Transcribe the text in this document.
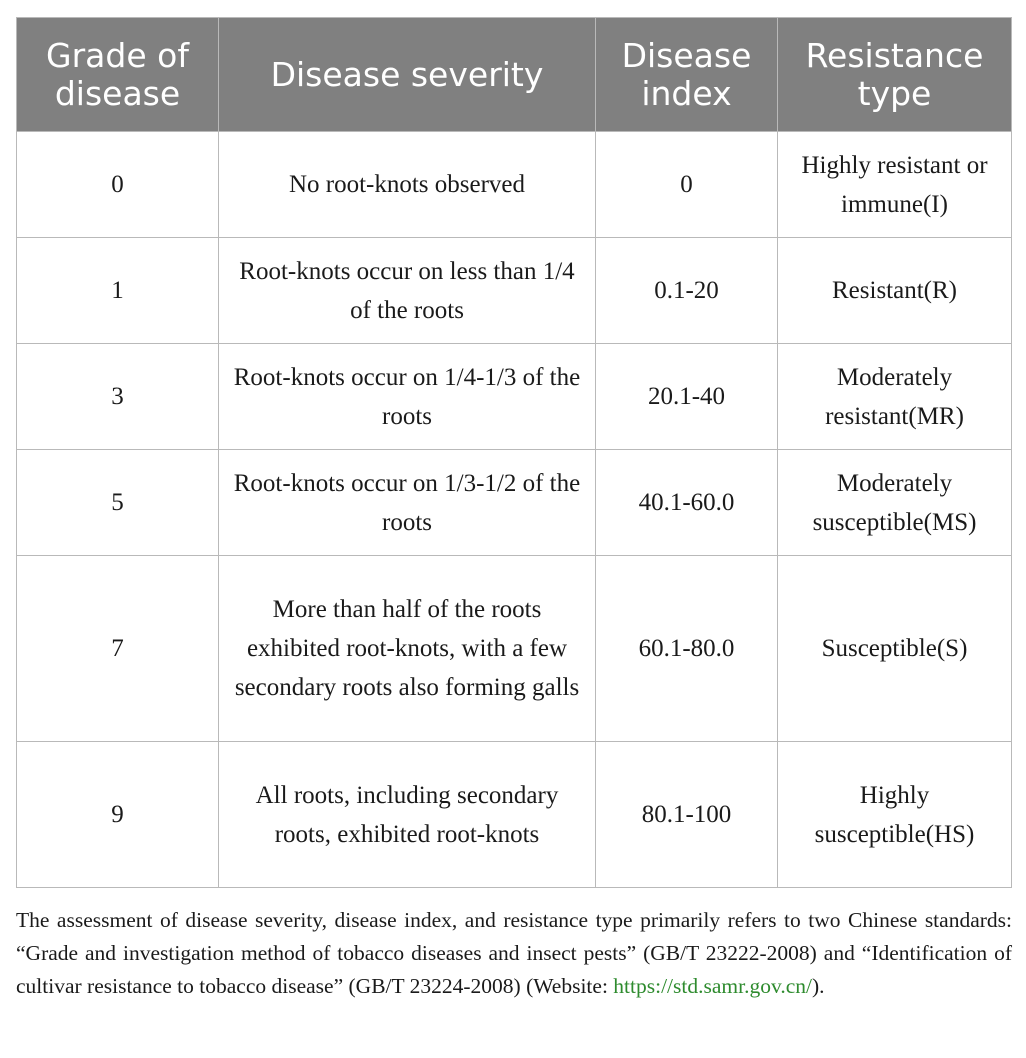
Grade of disease	Disease severity	Disease index	Resistance type
0	No root-knots observed	0	Highly resistant or immune(I)
1	Root-knots occur on less than 1/4 of the roots	0.1-20	Resistant(R)
3	Root-knots occur on 1/4-1/3 of the roots	20.1-40	Moderately resistant(MR)
5	Root-knots occur on 1/3-1/2 of the roots	40.1-60.0	Moderately susceptible(MS)
7	More than half of the roots exhibited root-knots, with a few secondary roots also forming galls	60.1-80.0	Susceptible(S)
9	All roots, including secondary roots, exhibited root-knots	80.1-100	Highly susceptible(HS)
The assessment of disease severity, disease index, and resistance type primarily refers to two Chinese standards: “Grade and investigation method of tobacco diseases and insect pests” (GB/T 23222-2008) and “Identification of cultivar resistance to tobacco disease” (GB/T 23224-2008) (Website: https://std.samr.gov.cn/).
